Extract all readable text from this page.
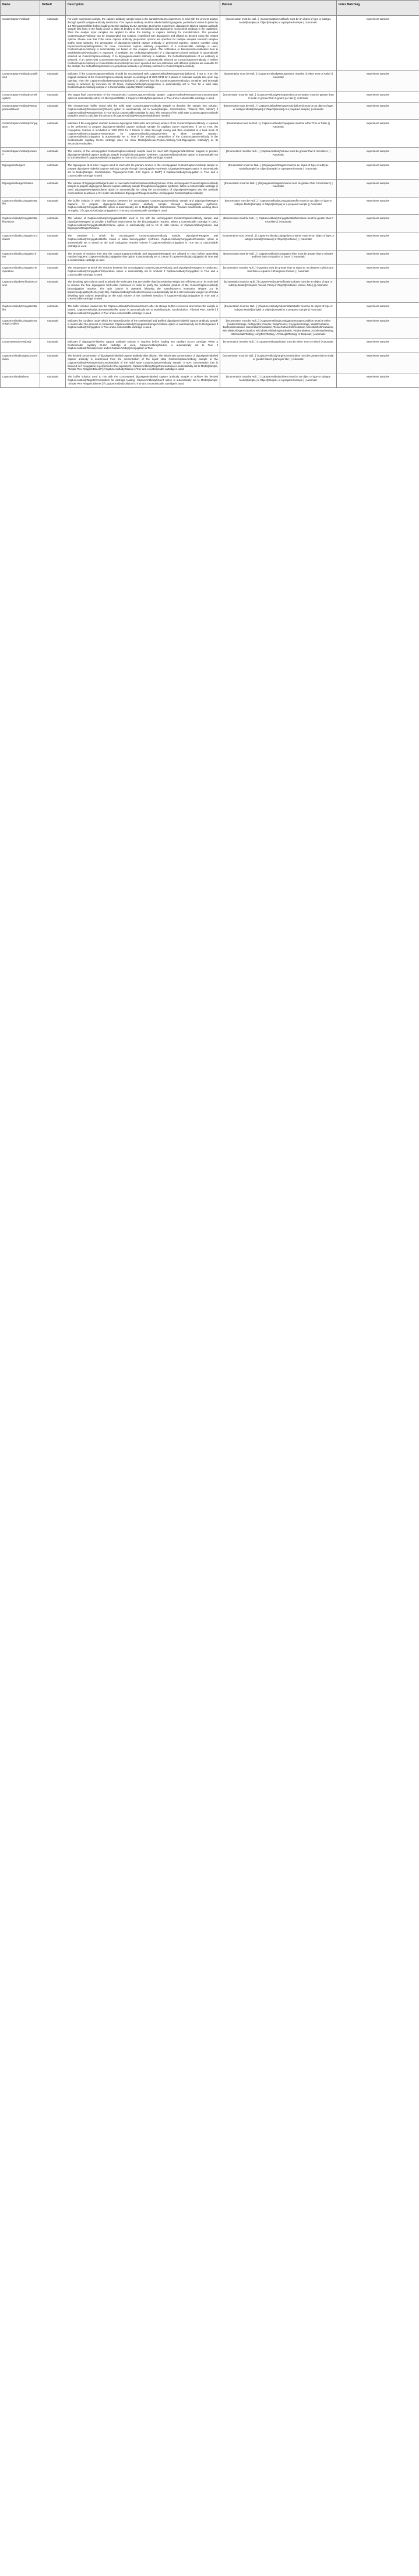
Name	Default	Description	Pattern	Index Matching
CustomCaptureAntibody	Automatic	For each experiment sample, the capture antibody sample used in the sandwich ELISA experiment to bind with the present analyte through specific antigen-antibody interaction. This capture antibody must be labeled with Digoxigenin, purified and eluted to prefer by 1.5 MicrogramMilliliter before loading into the capillary ELISA cartridge. During the experiment, digoxigenin-labeled capture antibody sample first flows in the fluidic circuit to allow its binding to the immobilized anti-digoxigenin monoclonal antibody in the capillaries. Then the Analyte input samples are applied to allow the binding to capture antibody for immobilization. The provided CustomCaptureAntibody can be resuspended into solution, lyophilized with digoxigenin and diluted as desired using the related options. Please note that if the same capture antibody preparation options are specified for multiple samples standard samples and/or input samples, the preparation of digoxigenin-labeled capture antibody is performed together. Options consider using ExperimentSamplePreparation for more customized capture antibody preparation. If a customizable cartridge is used, CustomCaptureAntibody is automatically set based on the Analytes option. The Antibodies or DensitometricAntibodies field in ModelMolecule(Antibodies) is expected. If available, the DefaultSampleModel of a digoxigenin-colored antibody is automatically selected as CustomCaptureAntibody. If no digoxigenin-related antibody is available, the DefaultSampleModel of an antibody is selected. If an option with CustomDetectionAntibody of uploaded is automatically selected as CustomCaptureAntibody. If neither CustomCaptureAntibody or CustomDetectionAntibody has been specified and two antibodies with different epitopes are available for the analyte, the DefaultSampleModel of a polyclonal antibody is preferably selected for CustomCaptureAntibody.	{Enumeration must be Null...} | CustomCaptureAntibody must be an object of type or subtype Model[Sample] or Object[Sample] or a prepared sample | | Automatic	experiment samples
CustomCaptureAntibodyLyophilized	Automatic	Indicates if the CustomCaptureAntibody should be reconstituted with CaptureAntibodyResuspension(Diluent). If set to True, the original container of the CustomCaptureAntibody sample is centrifuged at 3000 RPM for 1 Minute to eliminate sample loss upon cap opening. Then the CaptureAntibodyResuspension(Diluent) is delivered into the CustomCaptureAntibody's container and thorough mixing is achieved by inversion for 30 times. CaptureAntibodyResuspension is automatically set to True for a solid state CustomCaptureAntibody sample in a Customizable capillary ELISA cartridge.	{Enumeration must be Null...} | CaptureAntibodyResuspension must be of either True or False | | Automatic	experiment samples
CustomCaptureAntibodyCentrifugation	Automatic	The target final concentration of the resuspended CustomCaptureAntibody sample. CaptureAntibodyResuspensionConcentration option is automatically set to 1.0 MicrogramMilliliter if CaptureAntibodyResuspension is True and a customizable cartridge is used.	{Enumeration must be Null...} | CaptureAntibodyResuspensionConcentration must be greater than 0 molar or greater than 0 grams per liter | | Automatic	experiment samples
CustomCaptureAntibodyResuspensionDiluent	Automatic	The resuspension buffer mixed with the solid state CustomCaptureAntibody sample to dissolve the sample into solution. CaptureAntibodyResuspension(Diluent) option is automatically set to Model[Sample, StockSolution, "Filtered PBS, Sterile"] if CaptureAntibodyResuspension is True and a customizable cartridge is used. The amount of the solid state CustomCaptureAntibody sample is used to calculate the amount of CaptureAntibodyResuspension(Diluent) needed.	{Enumeration must be Null...} | CaptureAntibodyResuspension(Diluent) must be an object of type or subtype Model[Sample] or Object[Sample] or a prepared sample | | Automatic	experiment samples
CustomCaptureAntibodyConjugation	Automatic	Indicates if bio-conjugation reaction between digoxigenin NHS-ester and primary amines of the CustomCaptureAntibody is required to be performed to prepare digoxigenin-labeled capture antibody sample for capillary ELISA experiment. If set to True, the conjugation reaction is incubated at 1000 RPM for 2 Minute to allow thorough mixing and then incubated at a heat block at CaptureAntibodyConjugationTemperature for CaptureAntibodyConjugationTime to allow complete reaction. CaptureAntibodyConjugation is automatically set to True if the antibody composition of the CustomCaptureAntibody in the Customizable capillary ELISA cartridge does not show Model[Molecule,Protein,Antibody,"Anti-Digoxigenin Antibody"] as its SecondaryAntibodies.	{Enumeration must be Null...} | CaptureAntibodyConjugation must be either True or False | | Automatic	experiment samples
CustomCaptureAntibodyVolume	Automatic	The volume of the unconjugated CustomCaptureAntibody sample used to react with DigoxigeninNHSEster reagent to prepare digoxigenin-labeled capture antibody sample through bioconjugation synthesis. CaptureAntibodyVolume option is automatically set to 100 Microliter if CaptureAntibodyConjugation is True and a customizable cartridge is used.	{Enumeration must be Null...} | CaptureAntibodyVolume must be greater than 0 microliters | | Automatic	experiment samples
DigoxigeninReagent	Automatic	The digoxigenin NHS-ester reagent used to react with the primary amines of the unconjugated CustomCaptureAntibody sample to prepare digoxigenin-labeled capture antibody sample through bioconjugation synthesis. DigoxigeninReagent option is automatically set to Model[Sample, StockSolution, "Digoxigenin-NHS, 0.67 mg/mL in DMF"] if CaptureAntibodyConjugation is True and a customizable cartridge is used.	{Enumeration must be Null...} | DigoxigeninReagent must be an object of type or subtype Model[Sample] or Object[Sample] or a prepared sample | | Automatic	experiment samples
DigoxigeninReagentVolume	Automatic	The volume of DigoxigeninReagent used to react with CustomCaptureAntibodyVolume of the unconjugated CustomCaptureAntibody sample to prepare digoxigenin-labeled capture antibody sample through bioconjugation synthesis. When a customizable cartridge is used, DigoxigeninReagentVolume option is automatically set using the concentration of DigoxigeninReagent and the antibody concentration to achieve a 3:1 molar ratio between DigoxigeninReagent and the unconjugated CustomCaptureAntibody.	{Enumeration must be Null...} | DigoxigeninReagentVolume must be greater than 0 microliters | | Automatic	experiment samples
CaptureAntibodyConjugationBuffer	Automatic	The buffer solution in which the reaction between the unconjugated CustomCaptureAntibody sample and DigoxigeninReagent happens to prepare digoxigenin-labeled capture antibody sample through bioconjugation synthesis. CaptureAntibodyConjugationBuffer option is automatically set to Model[Sample, StockSolution, "Sodium bicarbonate working stock 75 mg/mL"] if CaptureAntibodyConjugation is True and a customizable cartridge is used.	{Enumeration must be Null...} | CaptureAntibodyConjugationBuffer must be an object of type or subtype Model[Sample] or Object[Sample] or a prepared sample | | Automatic	experiment samples
CaptureAntibodyConjugationBufferVolume	Automatic	The volume of CaptureAntibodyConjugationBuffer used to mix with the unconjugated CustomCaptureAntibody sample and DigoxigeninReagent to provide a buffered environment for the bioconjugation reaction. When a customizable cartridge is used, CaptureAntibodyConjugationBufferVolume option is automatically set to 10 of total volume of CaptureAntibodyVolume and DigoxigeninReagentVolume.	{Enumeration must be Null...} | CaptureAntibodyConjugationBufferVolume must be greater than 0 microliters | | Automatic	experiment samples
CaptureAntibodyConjugationContainer	Automatic	The container in which the unconjugated CustomCaptureAntibody sample, DigoxigeninReagent and CaptureAntibodyConjugationBuffer mixed to allow bioconjugation synthesis. CaptureAntibodyConjugationContainer option is automatically set to based on the total conjugation reaction volume if CaptureAntibodyConjugation is True and a customizable cartridge is used.	{Enumeration must be Null...} | CaptureAntibodyConjugationContainer must be an object of type or subtype Model[Container] or Object[Container] | | Automatic	experiment samples
CaptureAntibodyConjugationTime	Automatic	The amount of reaction time that the CustomCaptureAntibody and DigoxigeninReagent are allowed to react before quenching reaction happens. CaptureAntibodyConjugationTime option is automatically set to 2 Hour if CaptureAntibodyConjugation is True and a customizable cartridge is used.	{Enumeration must be Null...} | CaptureAntibodyConjugationTime must be greater than 0 minutes and less than or equal to 72 hours | | Automatic	experiment samples
CaptureAntibodyConjugationTemperature	Automatic	The temperature at which the reaction between the unconjugated CustomCaptureAntibody and DigoxigeninReagent is conducted. CaptureAntibodyConjugationTemperature option is automatically set to Ambient if CaptureAntibodyConjugation is True and a customizable cartridge is used.	{Enumeration must be Null...} | Quantity must be greater than or equal to -20 degrees Celsius and less than or equal to 100 degrees Celsius | | Automatic	experiment samples
CaptureAntibodyPurificationColumn	Automatic	The desalting spin column used to adsorb the molecules that are smaller than its resolution weight turn-off (MWCO) on its resin bed to remove the free digoxigenin NHS-ester molecules in order to purify the synthesis product of the CustomCaptureAntibody bioconjugation reaction. The spin column is operated following the manufacturer's instruction (Figure 3.4 in Experiment[capillaryELISA] help file). CaptureAntibodyPurificationColumn is automatically set to a 40K molecular weight cut-off Zeba desalting spin column depending on the total volume of the synthesis reaction, if CaptureAntibodyConjugation is True and a customizable cartridge is used.	{Enumeration must be Null...} | CaptureAntibodyPurificationColumn must be an object of type or subtype Model[Container, Vessel, Filter] or Object[Container, Vessel, Filter] | | Automatic	experiment samples
CaptureAntibodyConjugationBuffer	Automatic	The buffer solution loaded into the CaptureAntibodyPurificationColumn after its storage buffer is removed and before the sample is loaded. CaptureAntibodyColumnWashBuffer option is automatically set to Model[Sample, StockSolution, "Filtered PBS, Sterile"] if CaptureAntibodyConjugation is True and a customizable cartridge is used.	{Enumeration must be Null...} | CaptureAntibodyColumnWashBuffer must be an object of type or subtype Model[Sample] or Object[Sample] or a prepared sample | | Automatic	experiment samples
CaptureAntibodyConjugationStorageCondition	Automatic	Indicates the condition under which the unused portion of the synthesized and purified digoxigenin-labeled capture antibody sample is stored after the protocol is completed. CaptureAntibodyConjugationStorageCondition option is automatically set to Refrigerator if CaptureAntibodyConjugation is True and a customizable cartridge is used.	{Enumeration must be Null...} | CaptureAntibodyConjugationStorageCondition must be either (AmbientStorage, Refrigerator, Freezer, DeepFreezer, CryogenicStorage, YeastIncubation, BacterialIncubation, Mammalian/Incubation, TissueCultureCellIncubation, MicrobialCellIncubation, MicrobialCellAgarIncubation, MicrobialCellShakingIncubation, ViralIncubation, AcceleratedTesting, IntermediateTesting, LongTermTesting, UVVisLightTesting) or Disposal | | Automatic	experiment samples
CustomDetectionAntibody	Automatic	Indicates if digoxigenin-labeled capture antibody solution is required before loading into capillary ELISA cartridge. When a Customizable capillary ELISA cartridge is used, CaptureAntibodyDilution is automatically set to True if CaptureAntibodyResuspension and/or CaptureAntibodyConjugation is True.	{Enumeration must be Null...} | CaptureAntibodyDilution must be either True or False | | Automatic	experiment samples
CaptureAntibodyTargetConcentration	Automatic	The desired concentration of digoxigenin-labeled capture antibody after dilution. The initial mass concentration of digoxigenin-labeled capture antibody is determined from the concentration of the liquid state CustomCaptureAntibody sample or the CaptureAntibodyResuspensionConcentration of the solid state CustomCaptureAntibody sample. A 50% concentration loss is believed in if conjugation is performed in the experiment. CaptureAntibodyTargetConcentration is automatically set to Model[Sample, "Simple Plex Reagent Diluent"] if CaptureAntibodyDilution is True and a customizable cartridge is used.	{Enumeration must be Null...} | CaptureAntibodyTargetConcentration must be greater than 0 molar or greater than 0 grams per liter | | Automatic	experiment samples
CaptureAntibodyDiluent	Automatic	The buffer solution used to mix with the concentrated digoxigenin-labeled capture antibody sample to achieve the desired CaptureAntibodyTargetConcentration for cartridge loading. CaptureAntibodyDiluent option is automatically set to Model[Sample, "Simple Plex Reagent Diluent"] if CaptureAntibodyDilution is True and a customizable cartridge is used.	{Enumeration must be Null...} | CaptureAntibodyDiluent must be an object of type or subtype Model[Sample] or Object[Sample] or a prepared sample | | Automatic	experiment samples
